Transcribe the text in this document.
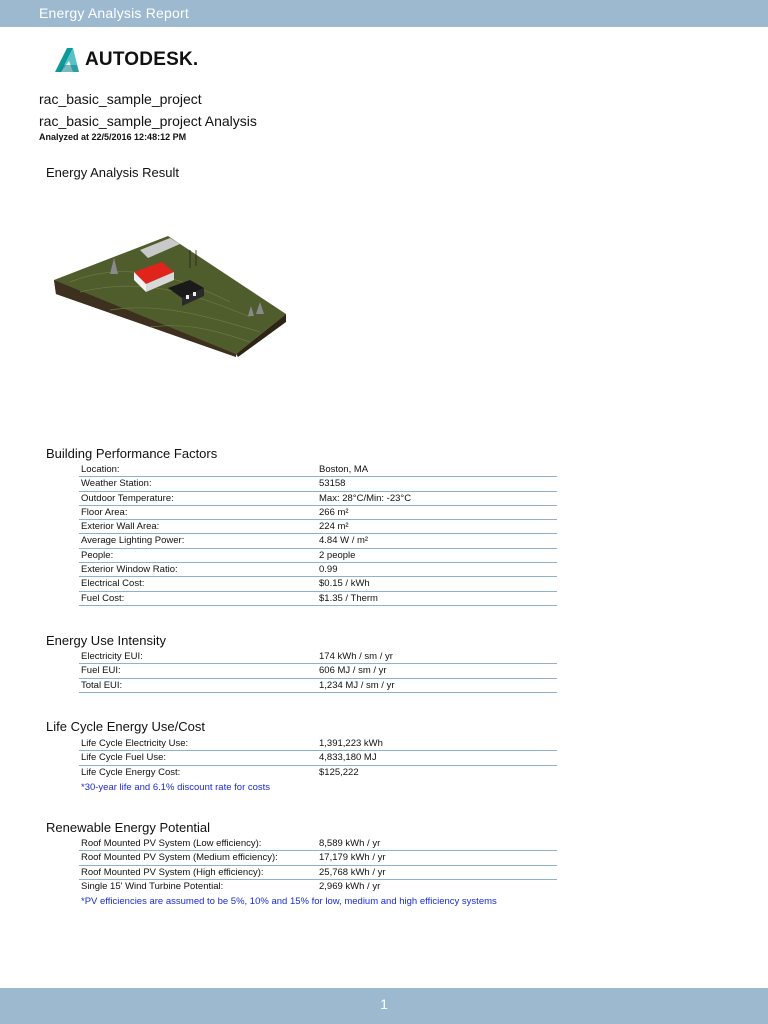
Energy Analysis Report
AUTODESK.
rac_basic_sample_project
rac_basic_sample_project Analysis
Analyzed at 22/5/2016 12:48:12 PM
Energy Analysis Result
Building Performance Factors
Location:	Boston, MA
Weather Station:	53158
Outdoor Temperature:	Max: 28°C/Min: -23°C
Floor Area:	266 m²
Exterior Wall Area:	224 m²
Average Lighting Power:	4.84 W / m²
People:	2 people
Exterior Window Ratio:	0.99
Electrical Cost:	$0.15 / kWh
Fuel Cost:	$1.35 / Therm
Energy Use Intensity
Electricity EUI:	174 kWh / sm / yr
Fuel EUI:	606 MJ / sm / yr
Total EUI:	1,234 MJ / sm / yr
Life Cycle Energy Use/Cost
Life Cycle Electricity Use:	1,391,223 kWh
Life Cycle Fuel Use:	4,833,180 MJ
Life Cycle Energy Cost:	$125,222
*30-year life and 6.1% discount rate for costs
Renewable Energy Potential
Roof Mounted PV System (Low efficiency):	8,589 kWh / yr
Roof Mounted PV System (Medium efficiency):	17,179 kWh / yr
Roof Mounted PV System (High efficiency):	25,768 kWh / yr
Single 15' Wind Turbine Potential:	2,969 kWh / yr
*PV efficiencies are assumed to be 5%, 10% and 15% for low, medium and high efficiency systems
1
